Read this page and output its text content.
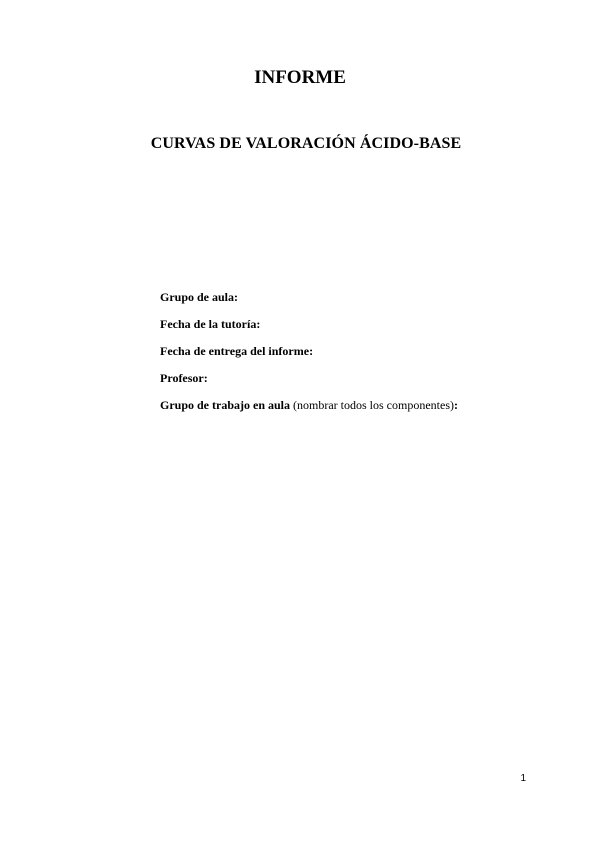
INFORME
CURVAS DE VALORACIÓN ÁCIDO-BASE
Grupo de aula:
Fecha de la tutoría:
Fecha de entrega del informe:
Profesor:
Grupo de trabajo en aula (nombrar todos los componentes):
1
